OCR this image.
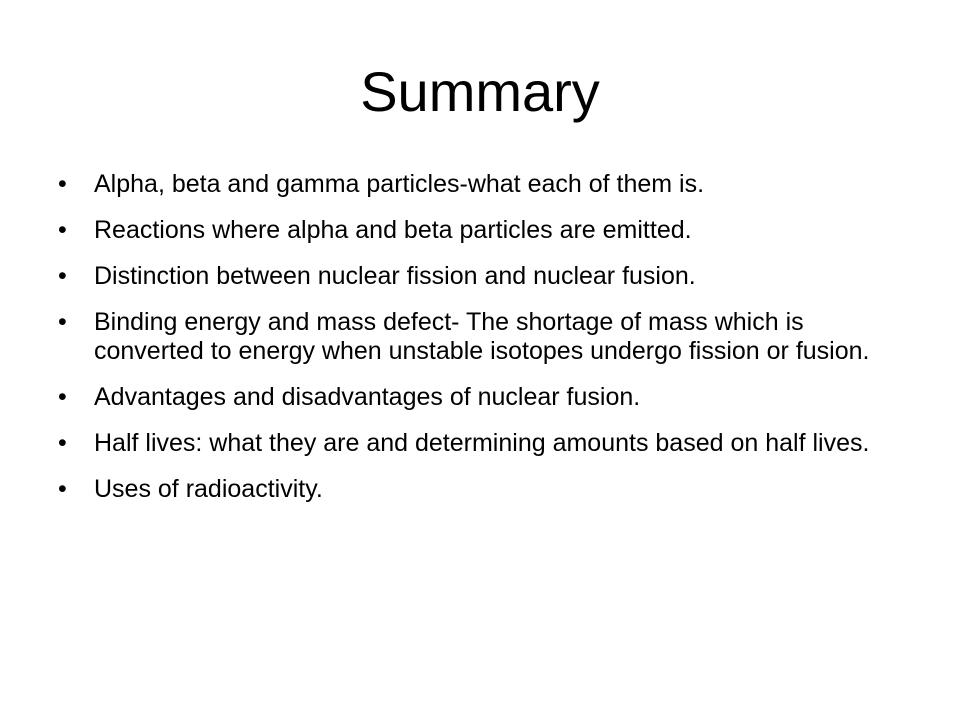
Summary
•	Alpha, beta and gamma particles-what each of them is.
•	Reactions where alpha and beta particles are emitted.
•	Distinction between nuclear fission and nuclear fusion.
•	Binding energy and mass defect- The shortage of mass which is converted to energy when unstable isotopes undergo fission or fusion.
•	Advantages and disadvantages of nuclear fusion.
•	Half lives: what they are and determining amounts based on half lives.
•	Uses of radioactivity.
